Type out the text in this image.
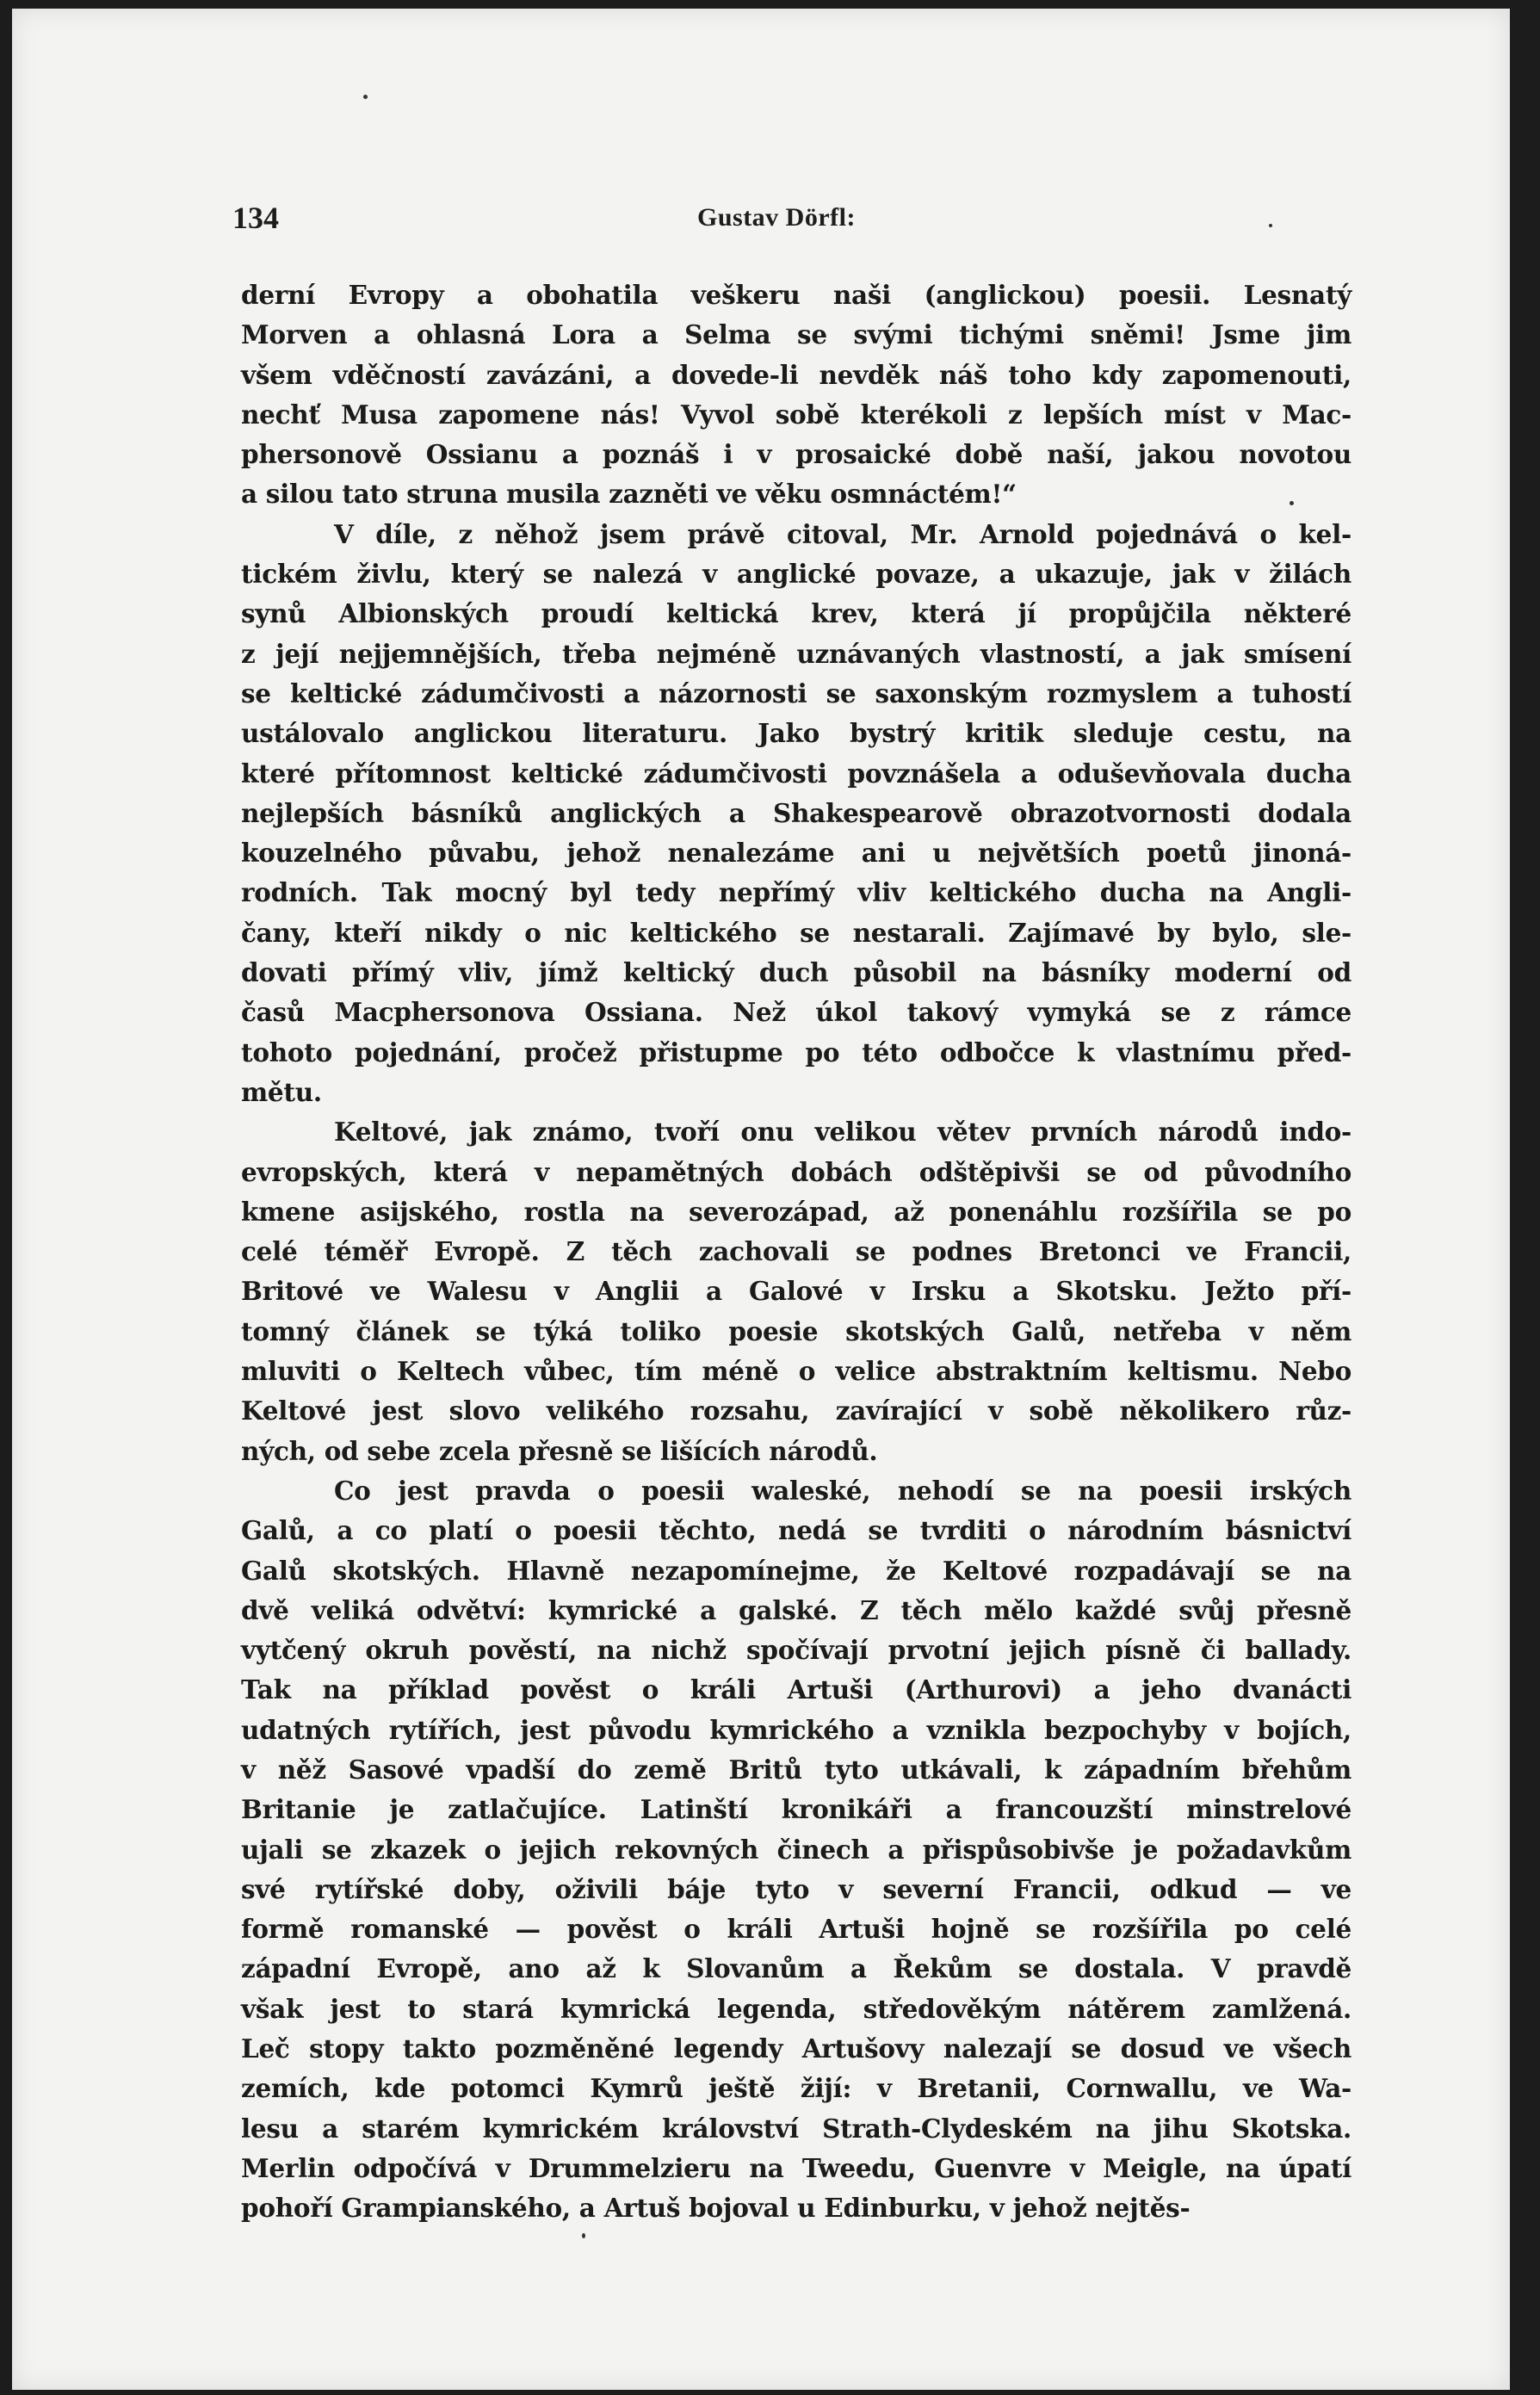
134	Gustav Dörfl:

derní Evropy a obohatila veškeru naši (anglickou) poesii. Lesnatý
Morven a ohlasná Lora a Selma se svými tichými sněmi! Jsme jim
všem vděčností zavázáni, a dovede-li nevděk náš toho kdy zapomenouti,
nechť Musa zapomene nás! Vyvol sobě kterékoli z lepších míst v Mac-
phersonově Ossianu a poznáš i v prosaické době naší, jakou novotou
a silou tato struna musila zazněti ve věku osmnáctém!“

V díle, z něhož jsem právě citoval, Mr. Arnold pojednává o kel-
tickém živlu, který se nalezá v anglické povaze, a ukazuje, jak v žilách
synů Albionských proudí keltická krev, která jí propůjčila některé
z její nejjemnějších, třeba nejméně uznávaných vlastností, a jak smísení
se keltické zádumčivosti a názornosti se saxonským rozmyslem a tuhostí
ustálovalo anglickou literaturu. Jako bystrý kritik sleduje cestu, na
které přítomnost keltické zádumčivosti povznášela a oduševňovala ducha
nejlepších básníků anglických a Shakespearově obrazotvornosti dodala
kouzelného půvabu, jehož nenalezáme ani u největších poetů jinoná-
rodních. Tak mocný byl tedy nepřímý vliv keltického ducha na Angli-
čany, kteří nikdy o nic keltického se nestarali. Zajímavé by bylo, sle-
dovati přímý vliv, jímž keltický duch působil na básníky moderní od
časů Macphersonova Ossiana. Než úkol takový vymyká se z rámce
tohoto pojednání, pročež přistupme po této odbočce k vlastnímu před-
mětu.

Keltové, jak známo, tvoří onu velikou větev prvních národů indo-
evropských, která v nepamětných dobách odštěpivši se od původního
kmene asijského, rostla na severozápad, až ponenáhlu rozšířila se po
celé téměř Evropě. Z těch zachovali se podnes Bretonci ve Francii,
Britové ve Walesu v Anglii a Galové v Irsku a Skotsku. Ježto pří-
tomný článek se týká toliko poesie skotských Galů, netřeba v něm
mluviti o Keltech vůbec, tím méně o velice abstraktním keltismu. Nebo
Keltové jest slovo velikého rozsahu, zavírající v sobě několikero růz-
ných, od sebe zcela přesně se lišících národů.

Co jest pravda o poesii waleské, nehodí se na poesii irských
Galů, a co platí o poesii těchto, nedá se tvrditi o národním básnictví
Galů skotských. Hlavně nezapomínejme, že Keltové rozpadávají se na
dvě veliká odvětví: kymrické a galské. Z těch mělo každé svůj přesně
vytčený okruh pověstí, na nichž spočívají prvotní jejich písně či ballady.
Tak na příklad pověst o králi Artuši (Arthurovi) a jeho dvanácti
udatných rytířích, jest původu kymrického a vznikla bezpochyby v bojích,
v něž Sasové vpadší do země Britů tyto utkávali, k západním břehům
Britanie je zatlačujíce. Latinští kronikáři a francouzští minstrelové
ujali se zkazek o jejich rekovných činech a přispůsobivše je požadavkům
své rytířské doby, oživili báje tyto v severní Francii, odkud — ve
formě romanské — pověst o králi Artuši hojně se rozšířila po celé
západní Evropě, ano až k Slovanům a Řekům se dostala. V pravdě
však jest to stará kymrická legenda, středověkým nátěrem zamlžená.
Leč stopy takto pozměněné legendy Artušovy nalezají se dosud ve všech
zemích, kde potomci Kymrů ještě žijí: v Bretanii, Cornwallu, ve Wa-
lesu a starém kymrickém království Strath-Clydeském na jihu Skotska.
Merlin odpočívá v Drummelzieru na Tweedu, Guenvre v Meigle, na úpatí
pohoří Grampianského, a Artuš bojoval u Edinburku, v jehož nejtěs-
